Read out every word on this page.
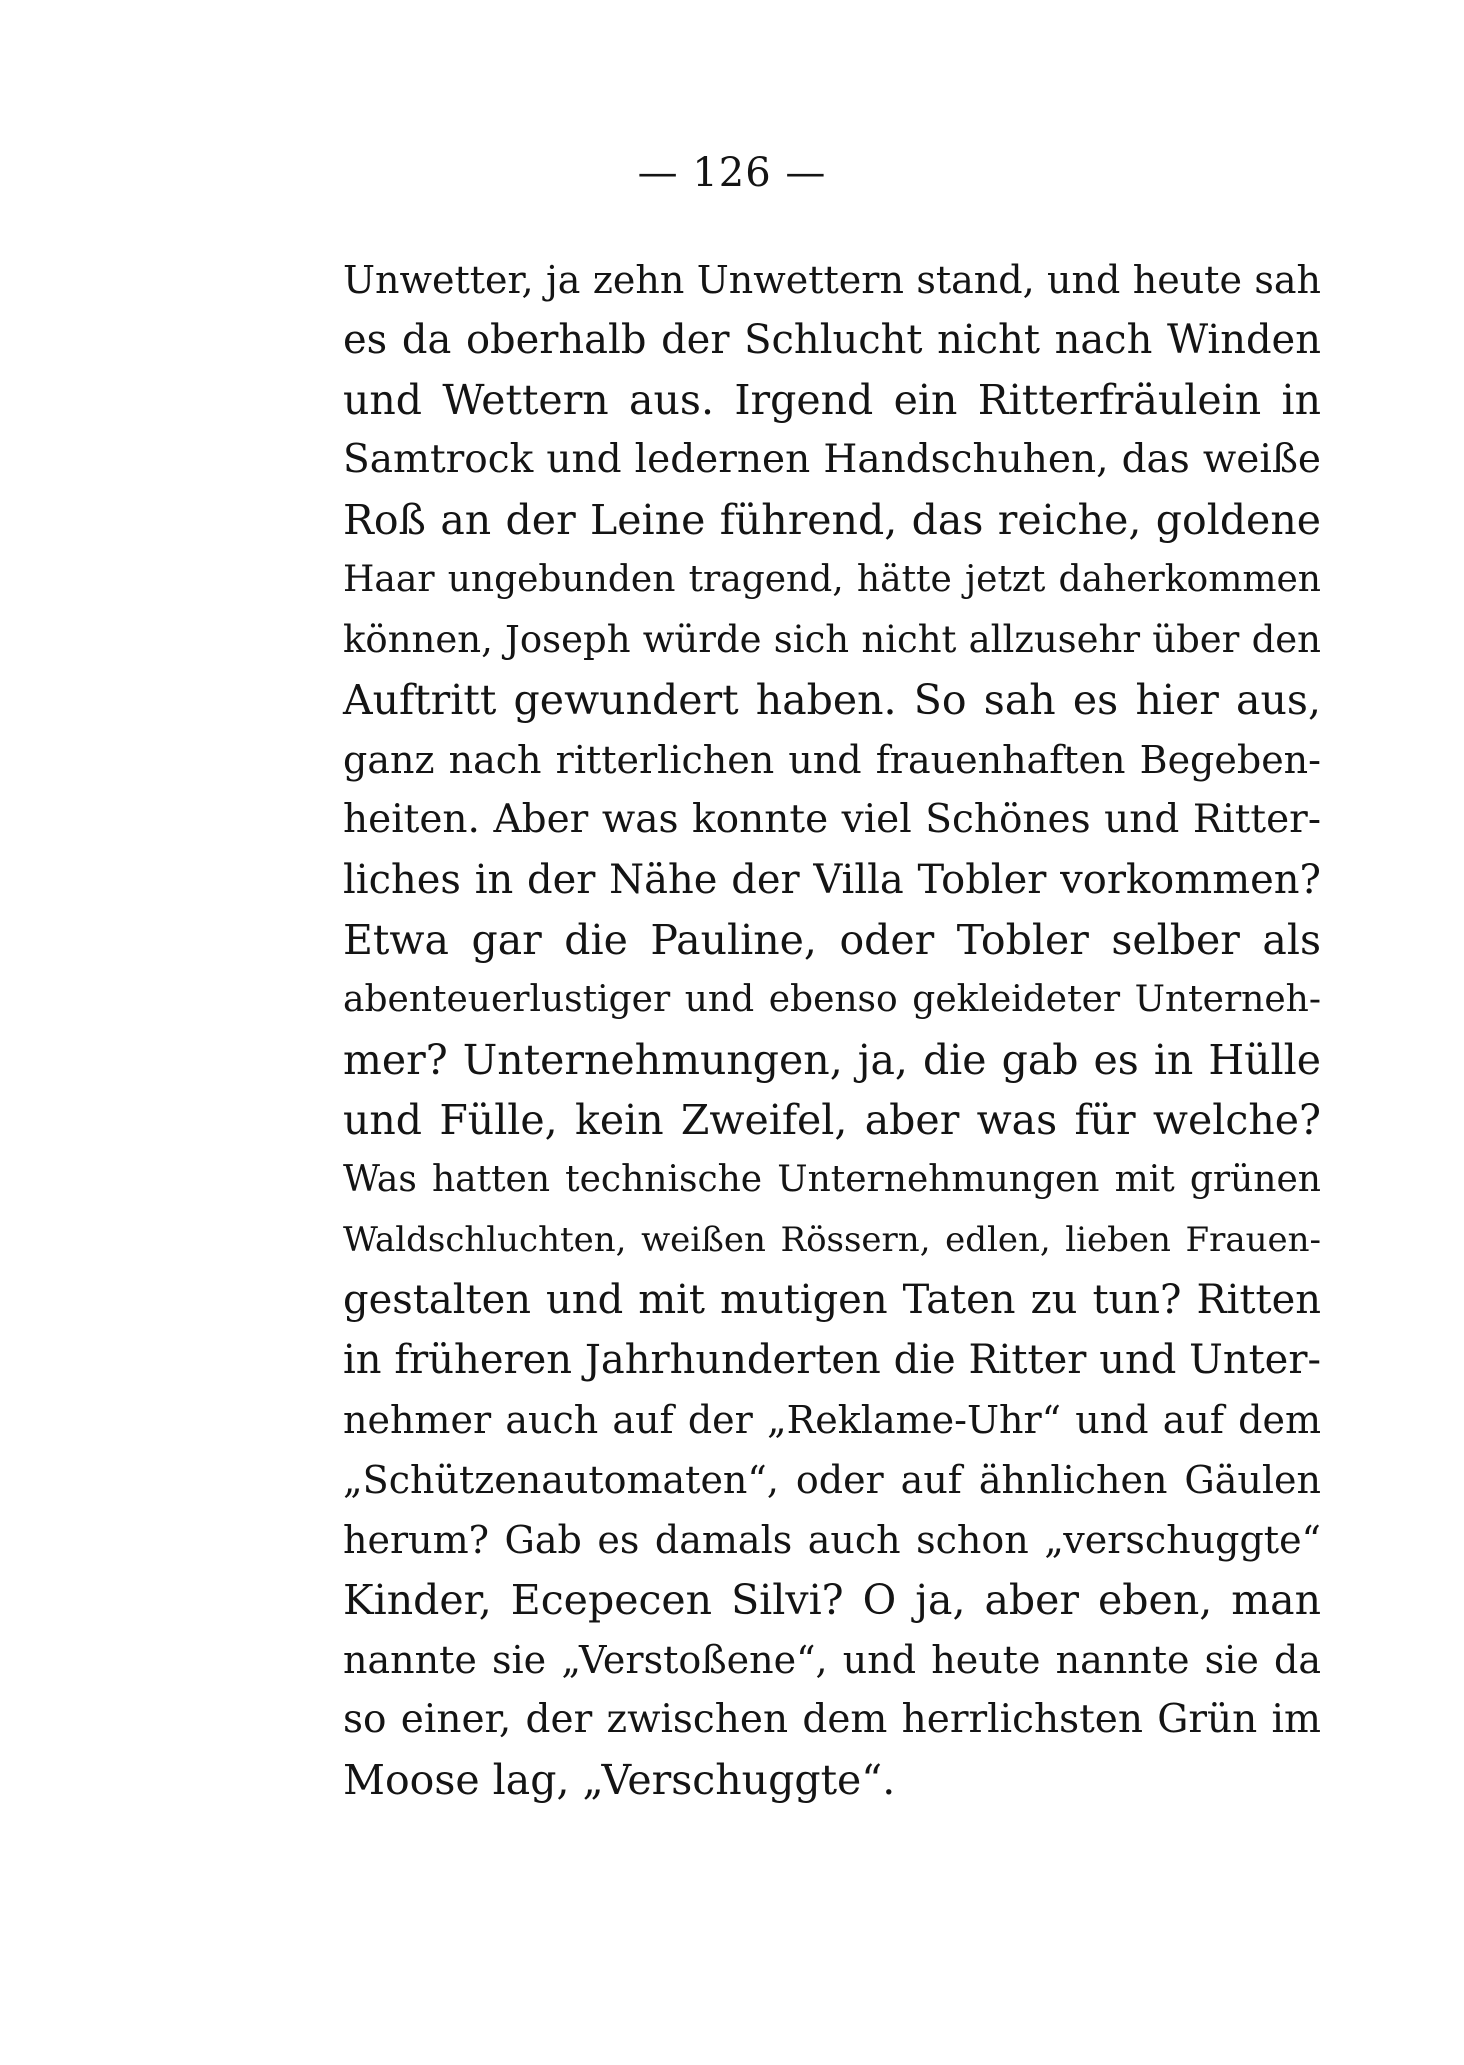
— 126 —
Unwetter, ja zehn Unwettern stand, und heute sah
es da oberhalb der Schlucht nicht nach Winden
und Wettern aus. Irgend ein Ritterfräulein in
Samtrock und ledernen Handschuhen, das weiße
Roß an der Leine führend, das reiche, goldene
Haar ungebunden tragend, hätte jetzt daherkommen
können, Joseph würde sich nicht allzusehr über den
Auftritt gewundert haben. So sah es hier aus,
ganz nach ritterlichen und frauenhaften Begeben-
heiten. Aber was konnte viel Schönes und Ritter-
liches in der Nähe der Villa Tobler vorkommen?
Etwa gar die Pauline, oder Tobler selber als
abenteuerlustiger und ebenso gekleideter Unterneh-
mer? Unternehmungen, ja, die gab es in Hülle
und Fülle, kein Zweifel, aber was für welche?
Was hatten technische Unternehmungen mit grünen
Waldschluchten, weißen Rössern, edlen, lieben Frauen-
gestalten und mit mutigen Taten zu tun? Ritten
in früheren Jahrhunderten die Ritter und Unter-
nehmer auch auf der „Reklame-Uhr“ und auf dem
„Schützenautomaten“, oder auf ähnlichen Gäulen
herum? Gab es damals auch schon „verschuggte“
Kinder, Ecepecen Silvi? O ja, aber eben, man
nannte sie „Verstoßene“, und heute nannte sie da
so einer, der zwischen dem herrlichsten Grün im
Moose lag, „Verschuggte“.
